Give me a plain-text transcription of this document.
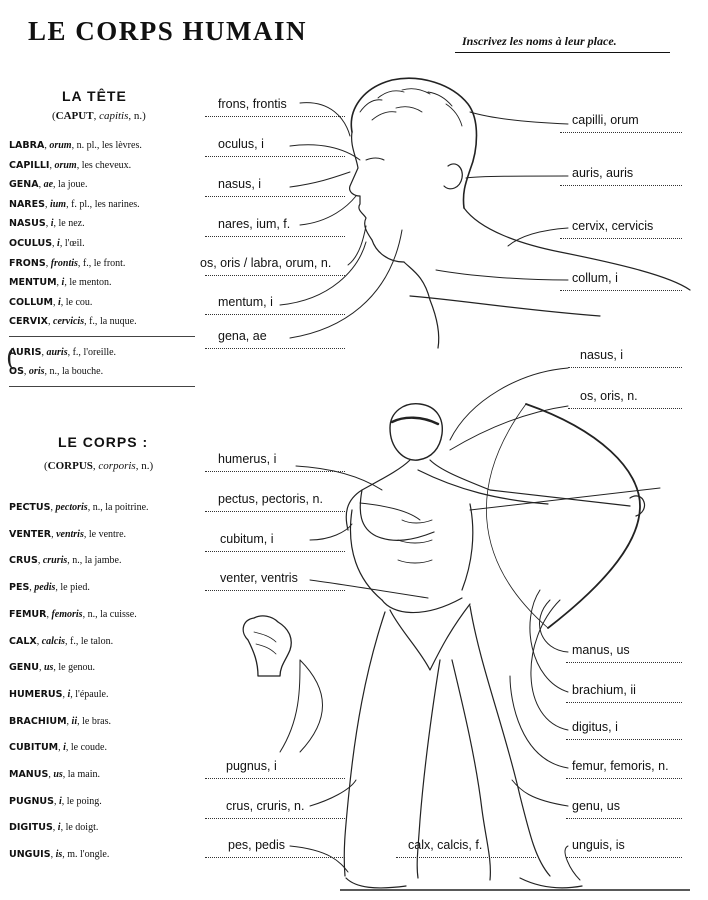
LE CORPS HUMAIN	Inscrivez les noms à leur place.
LA TÊTE
(CAPUT, capitis, n.)
LABRA, orum, n. pl., les lèvres.
CAPILLI, orum, les cheveux.
GENA, ae, la joue.
NARES, ium, f. pl., les narines.
NASUS, i, le nez.
OCULUS, i, l'œil.
FRONS, frontis, f., le front.
MENTUM, i, le menton.
COLLUM, i, le cou.
CERVIX, cervicis, f., la nuque.
AURIS, auris, f., l'oreille.
OS, oris, n., la bouche.
(
LE CORPS :
(CORPUS, corporis, n.)
PECTUS, pectoris, n., la poitrine.
VENTER, ventris, le ventre.
CRUS, cruris, n., la jambe.
PES, pedis, le pied.
FEMUR, femoris, n., la cuisse.
CALX, calcis, f., le talon.
GENU, us, le genou.
HUMERUS, i, l'épaule.
BRACHIUM, ii, le bras.
CUBITUM, i, le coude.
MANUS, us, la main.
PUGNUS, i, le poing.
DIGITUS, i, le doigt.
UNGUIS, is, m. l'ongle.
frons, frontis
oculus, i
nasus, i
nares, ium, f.
os, oris / labra, orum, n.
mentum, i
gena, ae
capilli, orum
auris, auris
cervix, cervicis
collum, i
humerus, i
pectus, pectoris, n.
cubitum, i
venter, ventris
pugnus, i
crus, cruris, n.
pes, pedis	calx, calcis, f.
nasus, i
os, oris, n.
manus, us
brachium, ii
digitus, i
femur, femoris, n.
genu, us
unguis, is
